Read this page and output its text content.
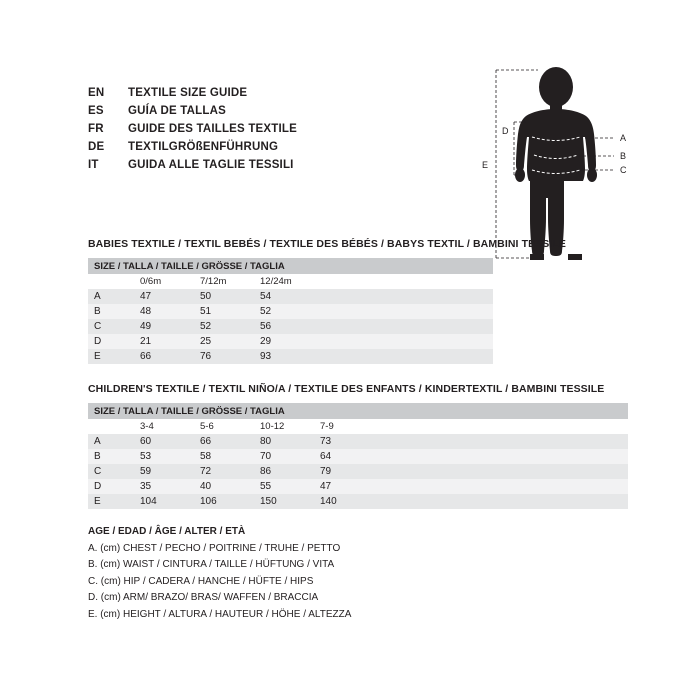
EN	TEXTILE SIZE GUIDE
ES	GUÍA DE TALLAS
FR	GUIDE DES TAILLES TEXTILE
DE	TEXTILGRÖßENFÜHRUNG
IT	GUIDA ALLE TAGLIE TESSILI
A
B
C
D
E
BABIES TEXTILE / TEXTIL BEBÉS / TEXTILE DES BÉBÉS / BABYS TEXTIL / BAMBINI TESSILE
SIZE / TALLA / TAILLE / GRÖSSE / TAGLIA				
	0/6m	7/12m	12/24m	
A	47	50	54	
B	48	51	52	
C	49	52	56	
D	21	25	29	
E	66	76	93	
CHILDREN'S TEXTILE / TEXTIL NIÑO/A / TEXTILE DES ENFANTS / KINDERTEXTIL / BAMBINI TESSILE
SIZE / TALLA / TAILLE / GRÖSSE / TAGLIA					
	3-4	5-6	10-12	7-9	
A	60	66	80	73	
B	53	58	70	64	
C	59	72	86	79	
D	35	40	55	47	
E	104	106	150	140	
AGE / EDAD / ÂGE / ALTER / ETÀ
A. (cm) CHEST / PECHO / POITRINE / TRUHE / PETTO
B. (cm) WAIST / CINTURA / TAILLE / HÜFTUNG / VITA
C. (cm) HIP / CADERA / HANCHE / HÜFTE / HIPS
D. (cm) ARM/ BRAZO/ BRAS/ WAFFEN / BRACCIA
E. (cm) HEIGHT / ALTURA / HAUTEUR / HÖHE / ALTEZZA
